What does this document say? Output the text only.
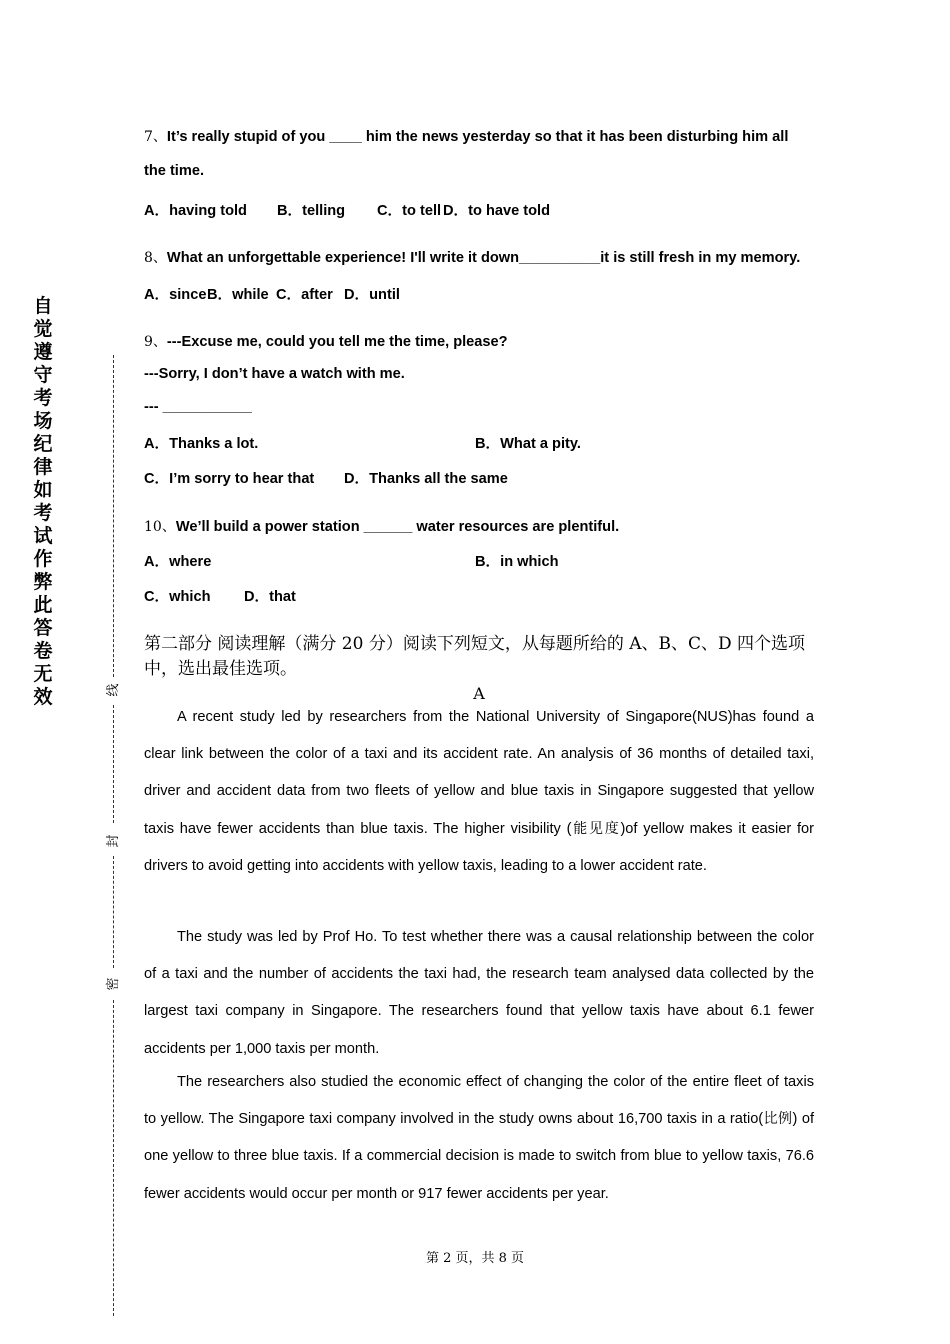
自觉遵守考场纪律如考试作弊此答卷无效	线
封
密
7、It’s really stupid of you ____ him the news yesterday so that it has been disturbing him all
the time.
A．having told B．telling C．to tell D．to have told
8、What an unforgettable experience! I'll write it down__________it is still fresh in my memory.
A．since B．while C．after D．until
9、---Excuse me, could you tell me the time, please?
---Sorry, I don’t have a watch with me.
--- ___________
A．Thanks a lot.	B．What a pity.
C．I’m sorry to hear that D．Thanks all the same
10、We’ll build a power station ______ water resources are plentiful.
A．where	B．in which
C．which D．that
第二部分 阅读理解（满分 20 分）阅读下列短文，从每题所给的 A、B、C、D 四个选项中，选出最佳选项。
A
A recent study led by researchers from the National University of Singapore(NUS)has found a clear link between the color of a taxi and its accident rate. An analysis of 36 months of detailed taxi, driver and accident data from two fleets of yellow and blue taxis in Singapore suggested that yellow taxis have fewer accidents than blue taxis. The higher visibility (能见度)of yellow makes it easier for drivers to avoid getting into accidents with yellow taxis, leading to a lower accident rate.
The study was led by Prof Ho. To test whether there was a causal relationship between the color of a taxi and the number of accidents the taxi had, the research team analysed data collected by the largest taxi company in Singapore. The researchers found that yellow taxis have about 6.1 fewer accidents per 1,000 taxis per month.
The researchers also studied the economic effect of changing the color of the entire fleet of taxis to yellow. The Singapore taxi company involved in the study owns about 16,700 taxis in a ratio(比例) of one yellow to three blue taxis. If a commercial decision is made to switch from blue to yellow taxis, 76.6 fewer accidents would occur per month or 917 fewer accidents per year.
第 2 页，共 8 页
